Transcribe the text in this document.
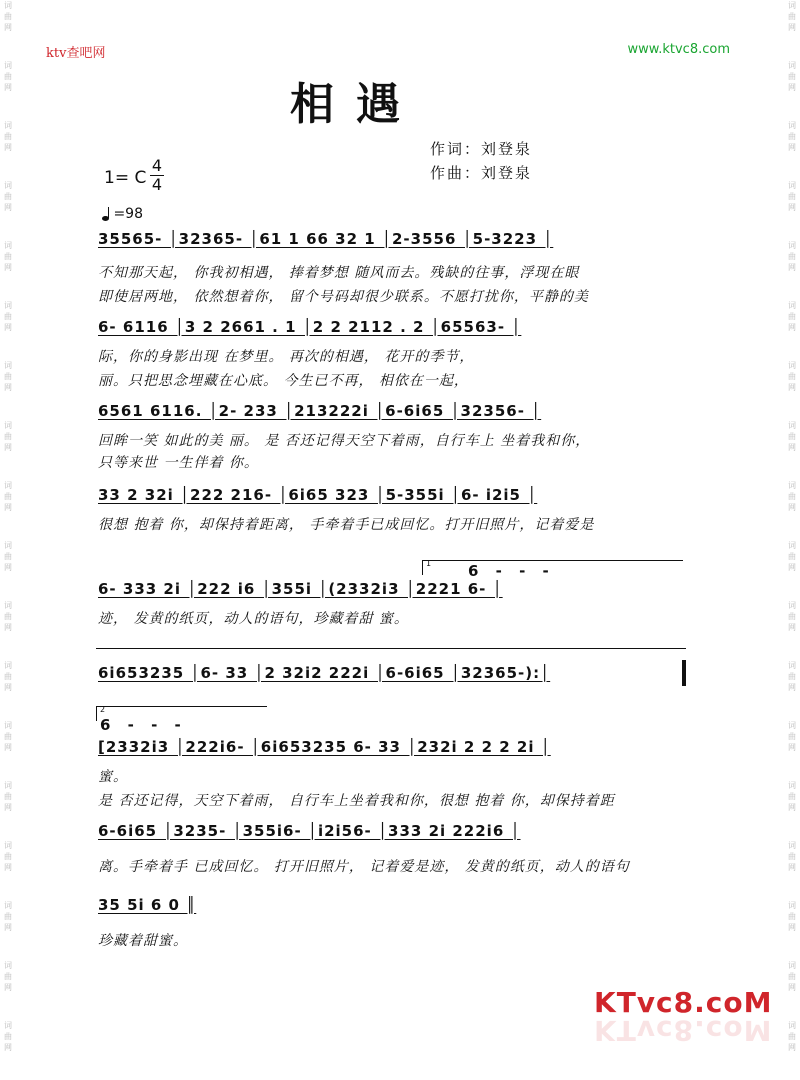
词
曲
网
词
曲
网
词
曲
网
词
曲
网
词
曲
网
词
曲
网
词
曲
网
词
曲
网
词
曲
网
词
曲
网
词
曲
网
词
曲
网
词
曲
网
词
曲
网
词
曲
网
词
曲
网
词
曲
网
词
曲
网
词
曲
网
词
曲
网
词
曲
网
词
曲
网
词
曲
网
词
曲
网
词
曲
网
词
曲
网
词
曲
网
词
曲
网
词
曲
网
词
曲
网
词
曲
网
词
曲
网
词
曲
网
词
曲
网
词
曲
网
词
曲
网
ktv查吧网	www.ktvc8.com
相遇
作词：刘登泉
作曲：刘登泉
1= C
4
4
=98
35565- │32365- │61 1 66 32 1 │2-3556 │5-3223 │
不知那天起， 你我初相遇， 捧着梦想 随风而去。残缺的往事，浮现在眼
即使居两地， 依然想着你， 留个号码却很少联系。不愿打扰你，平静的美
6- 6116 │3 2 2661 . 1 │2 2 2112 . 2 │65563- │
际，你的身影出现 在梦里。 再次的相遇， 花开的季节，
丽。只把思念埋藏在心底。 今生已不再， 相依在一起，
6561 6116. │2- 233 │213222i │6-6i65 │32356- │
回眸一笑 如此的美 丽。 是 否还记得天空下着雨，自行车上 坐着我和你，
只等来世 一生伴着 你。
33 2 32i │222 216- │6i65 323 │5-355i │6- i2i5 │
很想 抱着 你，却保持着距离， 手牵着手已成回忆。打开旧照片，记着爱是
1 6 - - -
6- 333 2i │222 i6 │355i │(2332i3 │2221 6- │
迹， 发黄的纸页，动人的语句，珍藏着甜 蜜。
6i653235 │6- 33 │2 32i2 222i │6-6i65 │32365-):│
2
6 - - -
[2332i3 │222i6- │6i653235 6- 33 │232i 2 2 2 2i │
蜜。
是 否还记得，天空下着雨， 自行车上坐着我和你，很想 抱着 你，却保持着距
6-6i65 │3235- │355i6- │i2i56- │333 2i 222i6 │
离。手牵着手 已成回忆。 打开旧照片， 记着爱是迹， 发黄的纸页，动人的语句
35 5i 6 0 ║
珍藏着甜蜜。
KTvc8.coM
KTvc8.coM
